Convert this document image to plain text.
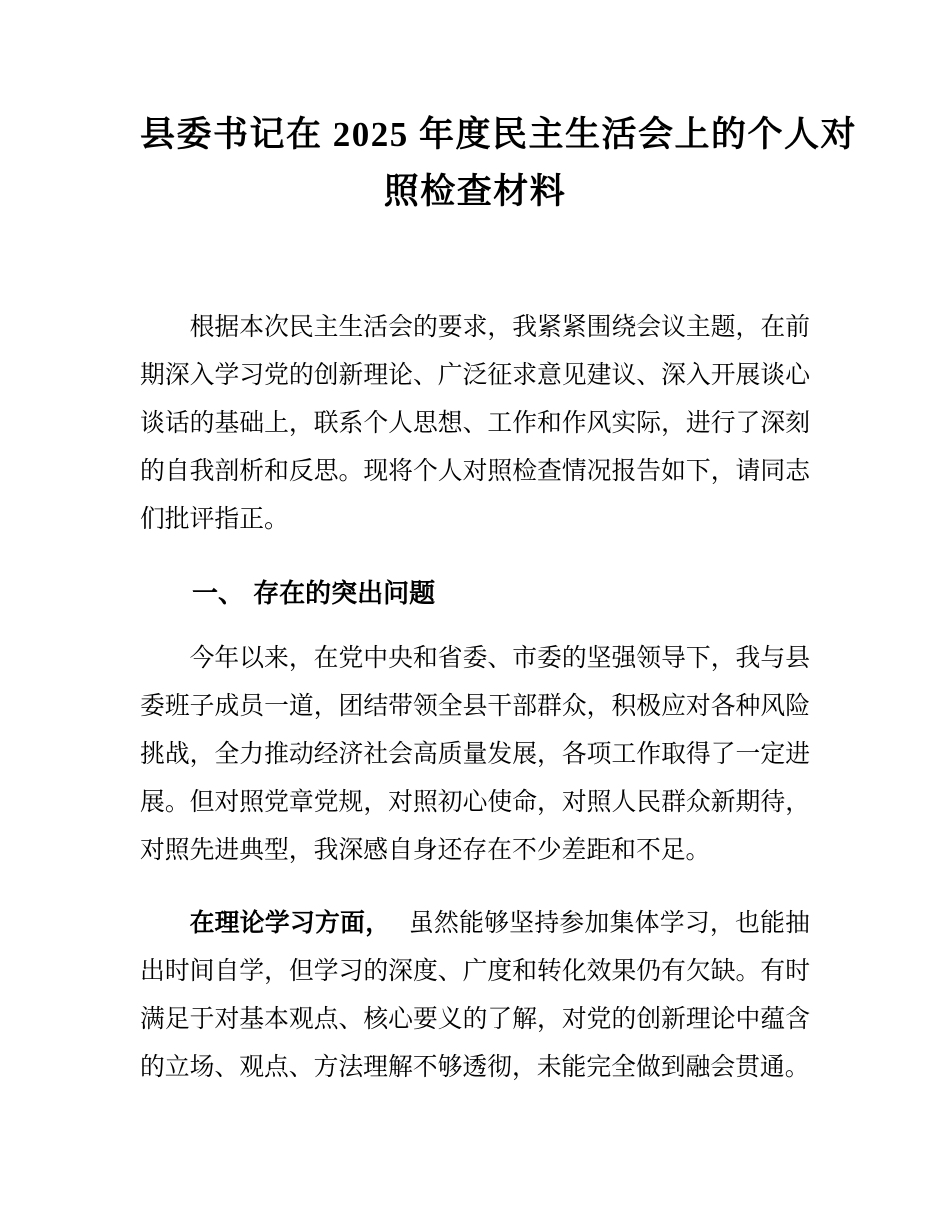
县委书记在 2025 年度民主生活会上的个人对
照检查材料

根据本次民主生活会的要求，我紧紧围绕会议主题，在前期深入学习党的创新理论、广泛征求意见建议、深入开展谈心谈话的基础上，联系个人思想、工作和作风实际，进行了深刻的自我剖析和反思。现将个人对照检查情况报告如下，请同志们批评指正。

一、 存在的突出问题

今年以来，在党中央和省委、市委的坚强领导下，我与县委班子成员一道，团结带领全县干部群众，积极应对各种风险挑战，全力推动经济社会高质量发展，各项工作取得了一定进展。但对照党章党规，对照初心使命，对照人民群众新期待，对照先进典型，我深感自身还存在不少差距和不足。

在理论学习方面， 虽然能够坚持参加集体学习，也能抽出时间自学，但学习的深度、广度和转化效果仍有欠缺。有时满足于对基本观点、核心要义的了解，对党的创新理论中蕴含的立场、观点、方法理解不够透彻，未能完全做到融会贯通。
